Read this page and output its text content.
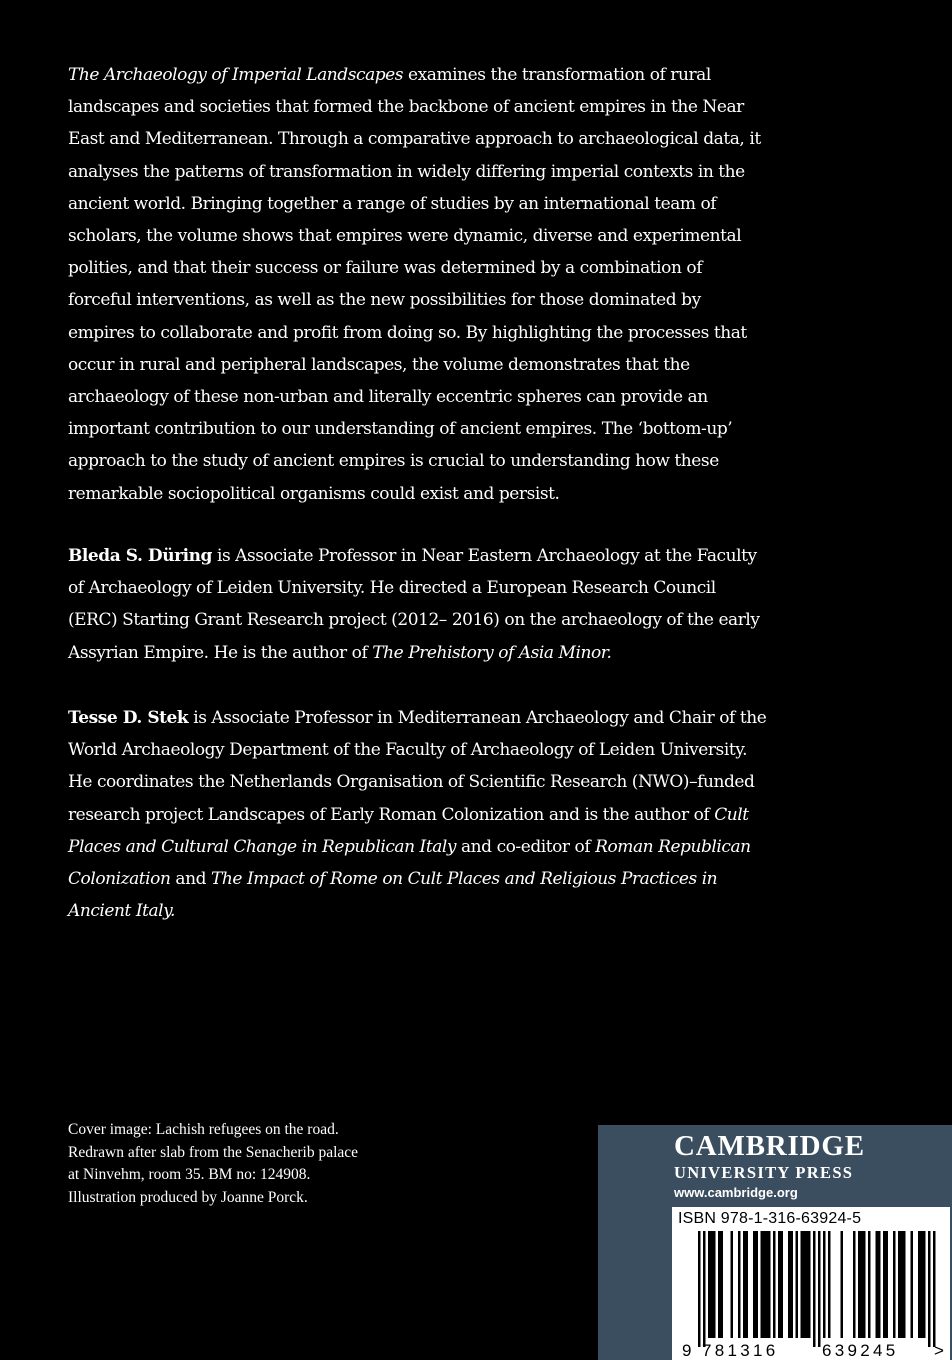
The Archaeology of Imperial Landscapes examines the transformation of rural landscapes and societies that formed the backbone of ancient empires in the Near East and Mediterranean. Through a comparative approach to archaeological data, it analyses the patterns of transformation in widely differing imperial contexts in the ancient world. Bringing together a range of studies by an international team of scholars, the volume shows that empires were dynamic, diverse and experimental polities, and that their success or failure was determined by a combination of forceful interventions, as well as the new possibilities for those dominated by empires to collaborate and profit from doing so. By highlighting the processes that occur in rural and peripheral landscapes, the volume demonstrates that the archaeology of these non-urban and literally eccentric spheres can provide an important contribution to our understanding of ancient empires. The ‘bottom-up’ approach to the study of ancient empires is crucial to understanding how these remarkable sociopolitical organisms could exist and persist.

Bleda S. Düring is Associate Professor in Near Eastern Archaeology at the Faculty of Archaeology of Leiden University. He directed a European Research Council (ERC) Starting Grant Research project (2012– 2016) on the archaeology of the early Assyrian Empire. He is the author of The Prehistory of Asia Minor.

Tesse D. Stek is Associate Professor in Mediterranean Archaeology and Chair of the World Archaeology Department of the Faculty of Archaeology of Leiden University. He coordinates the Netherlands Organisation of Scientific Research (NWO)–funded research project Landscapes of Early Roman Colonization and is the author of Cult Places and Cultural Change in Republican Italy and co-editor of Roman Republican Colonization and The Impact of Rome on Cult Places and Religious Practices in Ancient Italy.

Cover image: Lachish refugees on the road.
Redrawn after slab from the Senacherib palace
at Ninvehm, room 35. BM no: 124908.
Illustration produced by Joanne Porck.
CAMBRIDGE
UNIVERSITY PRESS
www.cambridge.org
ISBN 978-1-316-63924-5
9 781316	639245 >
